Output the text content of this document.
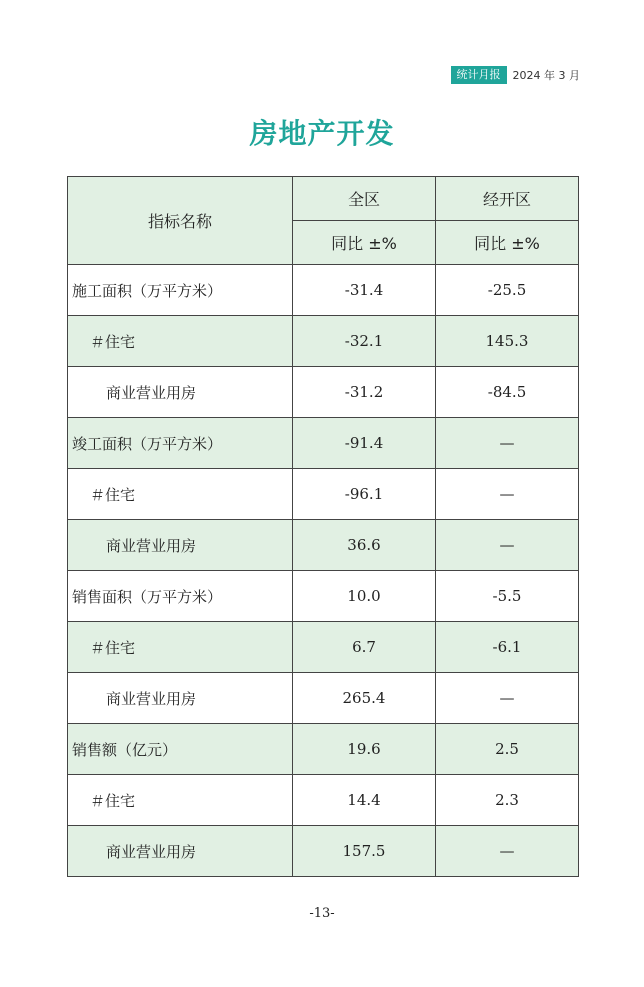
统计月报	2024 年 3 月
房地产开发
指标名称	全区	经开区
	同比 ±%	同比 ±%
施工面积（万平方米）	-31.4	-25.5
＃住宅	-32.1	145.3
商业营业用房	-31.2	-84.5
竣工面积（万平方米）	-91.4	—
＃住宅	-96.1	—
商业营业用房	36.6	—
销售面积（万平方米）	10.0	-5.5
＃住宅	6.7	-6.1
商业营业用房	265.4	—
销售额（亿元）	19.6	2.5
＃住宅	14.4	2.3
商业营业用房	157.5	—
-13-
